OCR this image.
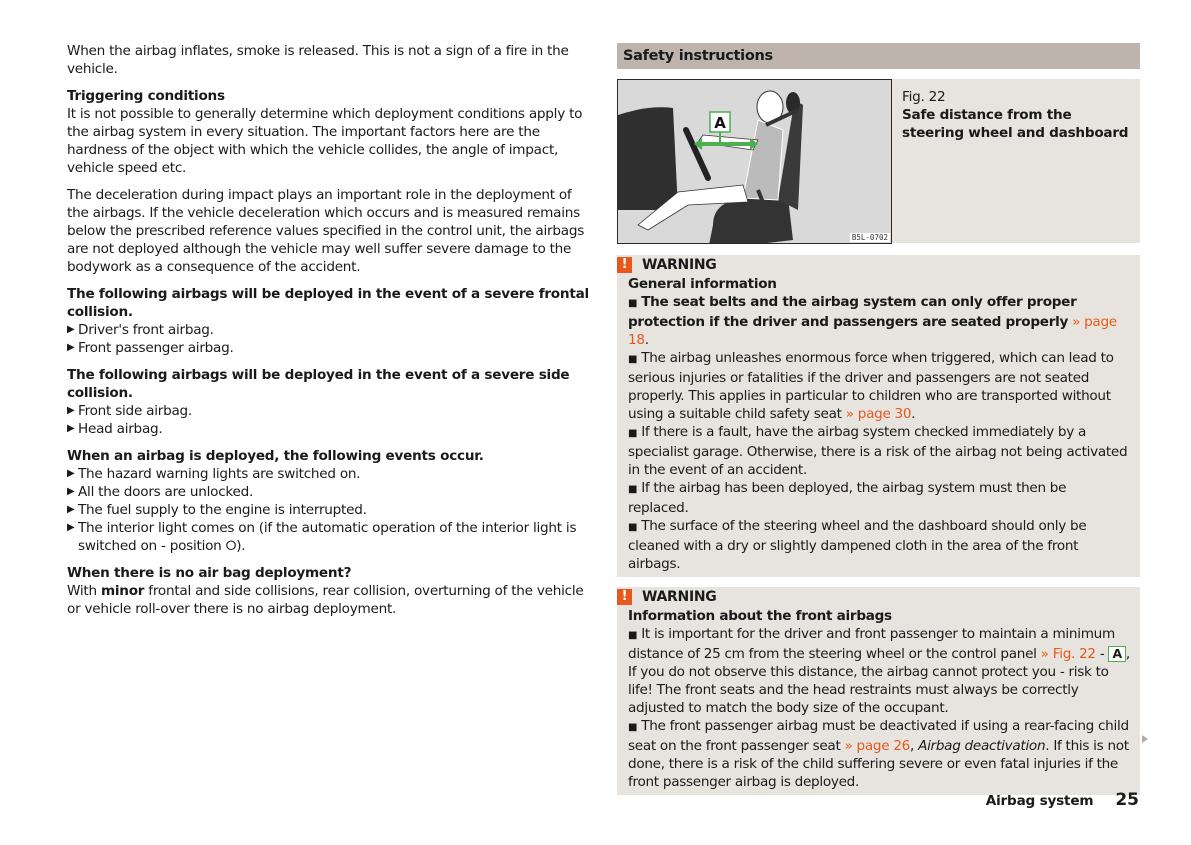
When the airbag inflates, smoke is released. This is not a sign of a fire in the vehicle.

Triggering conditions
It is not possible to generally determine which deployment conditions apply to the airbag system in every situation. The important factors here are the hardness of the object with which the vehicle collides, the angle of impact, vehicle speed etc.

The deceleration during impact plays an important role in the deployment of the airbags. If the vehicle deceleration which occurs and is measured remains below the prescribed reference values specified in the control unit, the airbags are not deployed although the vehicle may well suffer severe damage to the bodywork as a consequence of the accident.

The following airbags will be deployed in the event of a severe frontal collision.
▶ Driver's front airbag.
▶ Front passenger airbag.
The following airbags will be deployed in the event of a severe side collision.
▶ Front side airbag.
▶ Head airbag.
When an airbag is deployed, the following events occur.
▶ The hazard warning lights are switched on.
▶ All the doors are unlocked.
▶ The fuel supply to the engine is interrupted.
▶ The interior light comes on (if the automatic operation of the interior light is switched on - position ⭘).
When there is no air bag deployment?
With minor frontal and side collisions, rear collision, overturning of the vehicle or vehicle roll-over there is no airbag deployment.
Safety instructions
A
B5L-0702
Fig. 22
Safe distance from the steering wheel and dashboard
!	WARNING
General information

■ The seat belts and the airbag system can only offer proper protection if the driver and passengers are seated properly » page 18.

■ The airbag unleashes enormous force when triggered, which can lead to serious injuries or fatalities if the driver and passengers are not seated properly. This applies in particular to children who are transported without using a suitable child safety seat » page 30.

■ If there is a fault, have the airbag system checked immediately by a specialist garage. Otherwise, there is a risk of the airbag not being activated in the event of an accident.

■ If the airbag has been deployed, the airbag system must then be replaced.

■ The surface of the steering wheel and the dashboard should only be cleaned with a dry or slightly dampened cloth in the area of the front airbags.

!	WARNING
Information about the front airbags

■ It is important for the driver and front passenger to maintain a minimum distance of 25 cm from the steering wheel or the control panel » Fig. 22 - A , If you do not observe this distance, the airbag cannot protect you - risk to life! The front seats and the head restraints must always be correctly adjusted to match the body size of the occupant.

■ The front passenger airbag must be deactivated if using a rear-facing child seat on the front passenger seat » page 26, Airbag deactivation. If this is not done, there is a risk of the child suffering severe or even fatal injuries if the front passenger airbag is deployed.

Airbag system 25
